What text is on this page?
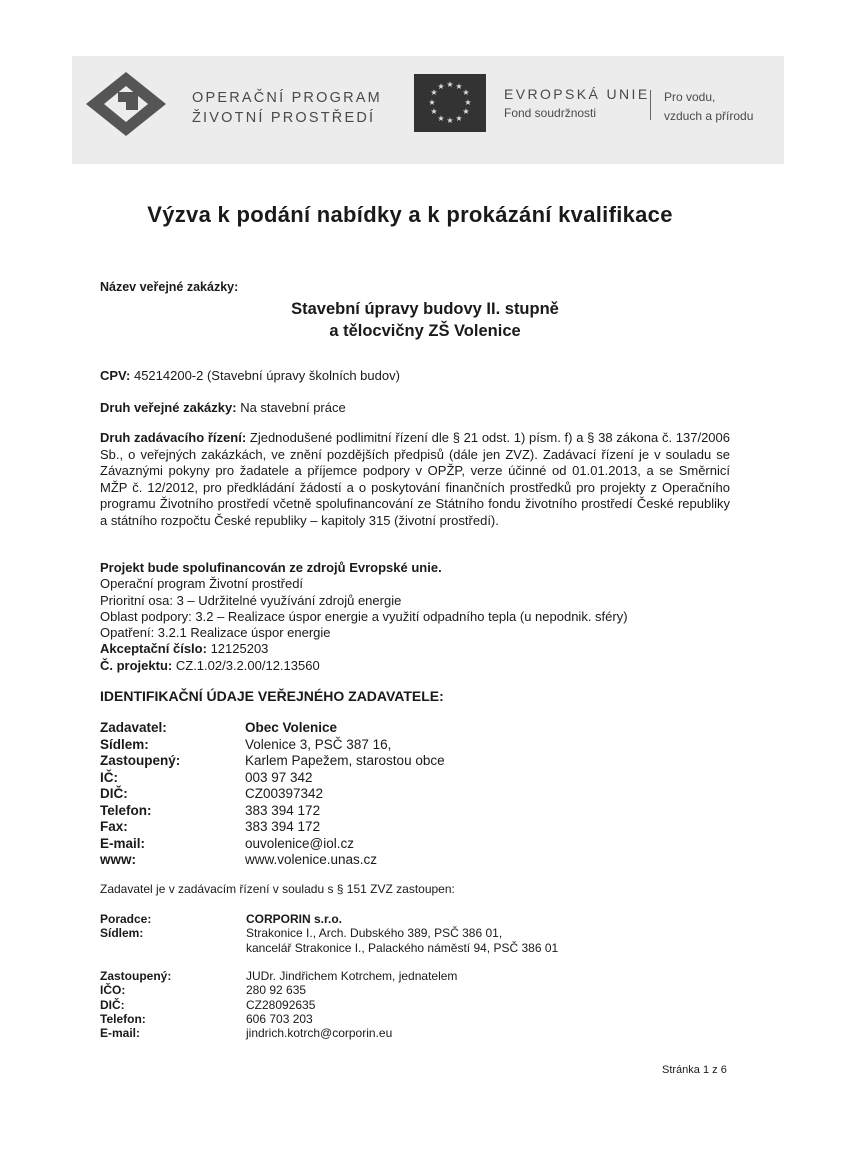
OPERAČNÍ PROGRAM
ŽIVOTNÍ PROSTŘEDÍ
★ ★
★
★
★
★
★
★
★
★
★
★	EVROPSKÁ UNIE
Fond soudržnosti
Pro vodu,
vzduch a přírodu
Výzva k podání nabídky a k prokázání kvalifikace
Název veřejné zakázky:
Stavební úpravy budovy II. stupně
a tělocvičny ZŠ Volenice
CPV: 45214200-2 (Stavební úpravy školních budov)
Druh veřejné zakázky: Na stavební práce
Druh zadávacího řízení: Zjednodušené podlimitní řízení dle § 21 odst. 1) písm. f) a § 38 zákona č. 137/2006 Sb., o veřejných zakázkách, ve znění pozdějších předpisů (dále jen ZVZ). Zadávací řízení je v souladu se Závaznými pokyny pro žadatele a příjemce podpory v OPŽP, verze účinné od 01.01.2013, a se Směrnicí MŽP č. 12/2012, pro předkládání žádostí a o poskytování finančních prostředků pro projekty z Operačního programu Životního prostředí včetně spolufinancování ze Státního fondu životního prostředí České republiky a státního rozpočtu České republiky – kapitoly 315 (životní prostředí).
Projekt bude spolufinancován ze zdrojů Evropské unie.
Operační program Životní prostředí
Prioritní osa: 3 – Udržitelné využívání zdrojů energie
Oblast podpory: 3.2 – Realizace úspor energie a využití odpadního tepla (u nepodnik. sféry)
Opatření: 3.2.1 Realizace úspor energie
Akceptační číslo: 12125203
Č. projektu: CZ.1.02/3.2.00/12.13560
IDENTIFIKAČNÍ ÚDAJE VEŘEJNÉHO ZADAVATELE:
Zadavatel:	Obec Volenice
Sídlem:	Volenice 3, PSČ 387 16,
Zastoupený:	Karlem Papežem, starostou obce
IČ:	003 97 342
DIČ:	CZ00397342
Telefon:	383 394 172
Fax:	383 394 172
E-mail:	ouvolenice@iol.cz
www:	www.volenice.unas.cz
Zadavatel je v zadávacím řízení v souladu s § 151 ZVZ zastoupen:
Poradce:	CORPORIN s.r.o.
Sídlem:	Strakonice I., Arch. Dubského 389, PSČ 386 01,
kancelář Strakonice I., Palackého náměstí 94, PSČ 386 01

Zastoupený:	JUDr. Jindřichem Kotrchem, jednatelem
IČO:	280 92 635
DIČ:	CZ28092635
Telefon:	606 703 203
E-mail:	jindrich.kotrch@corporin.eu
Stránka 1 z 6
